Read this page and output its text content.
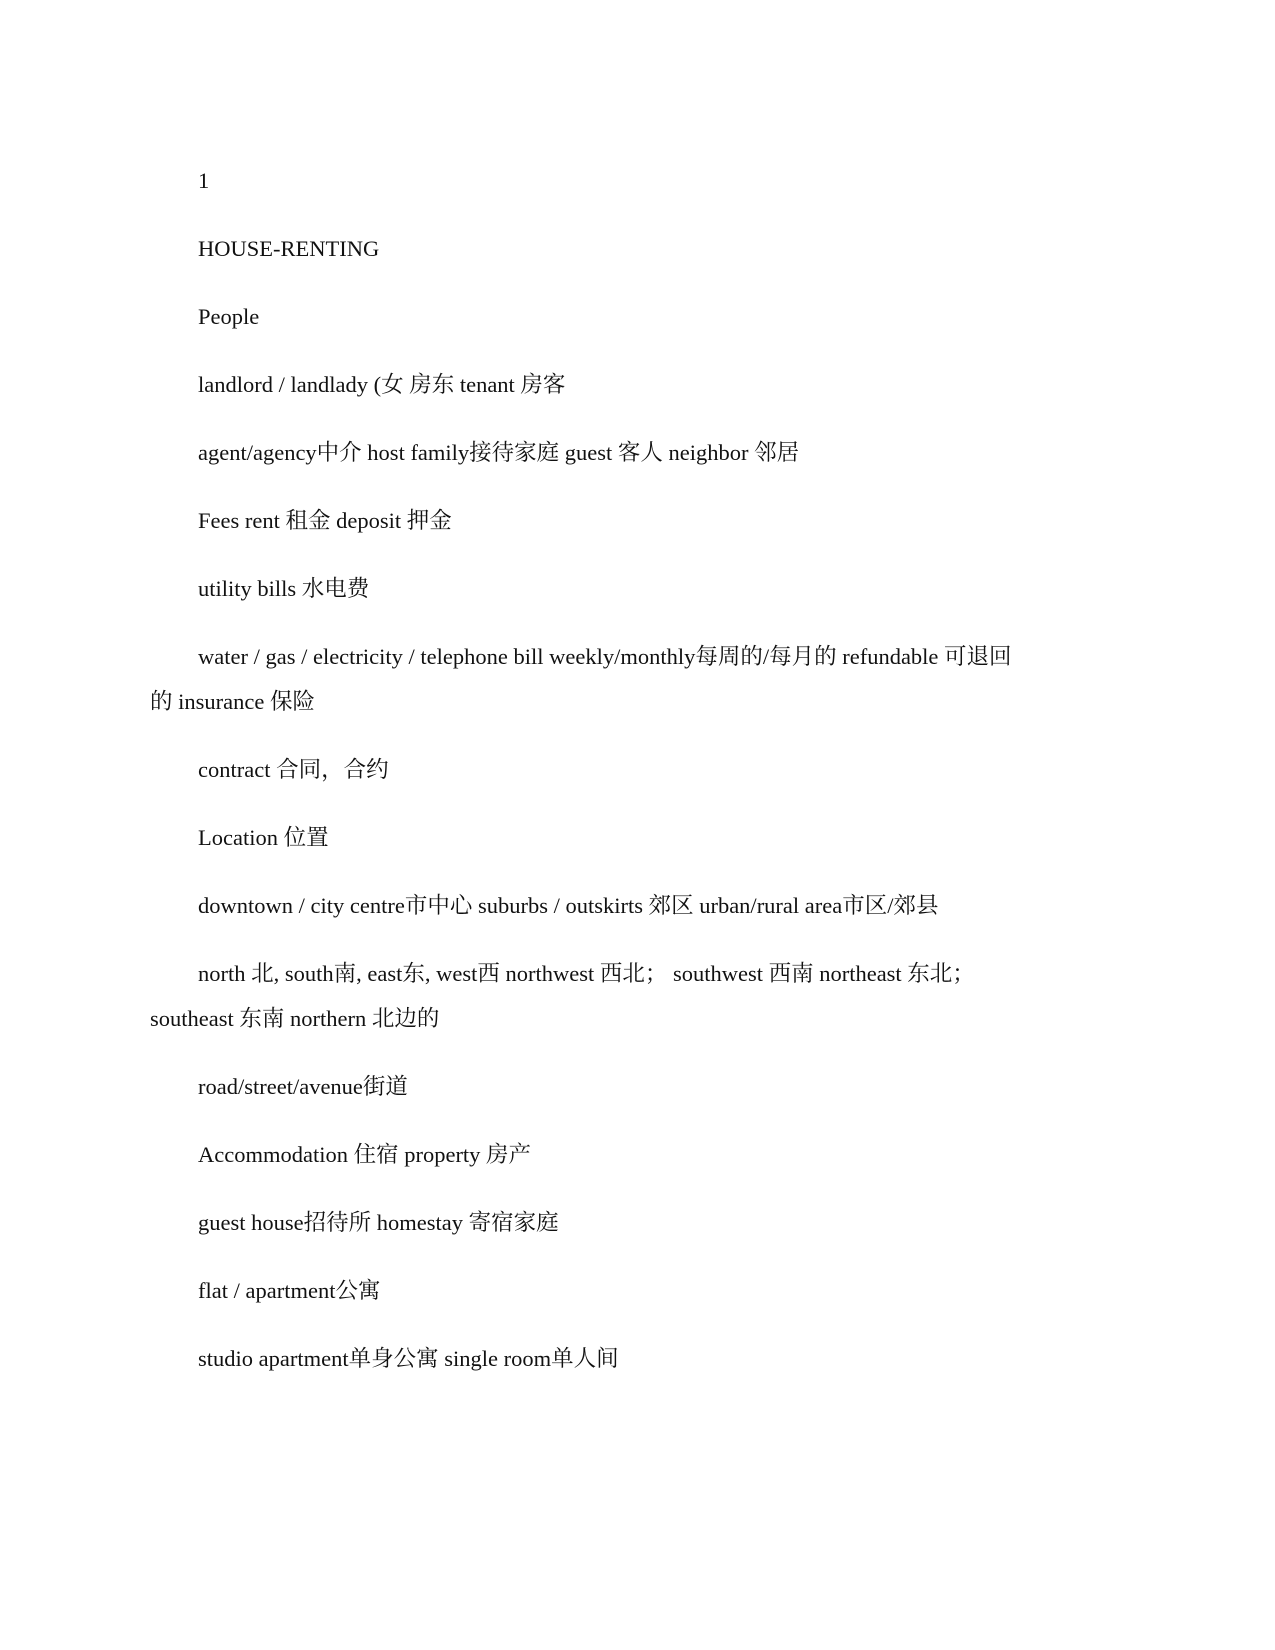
1

HOUSE-RENTING

People

landlord / landlady (女 房东 tenant 房客

agent/agency中介 host family接待家庭 guest 客人 neighbor 邻居

Fees rent 租金 deposit 押金

utility bills 水电费

water / gas / electricity / telephone bill weekly/monthly每周的/每月的 refundable 可退回的 insurance 保险

contract 合同，合约

Location 位置

downtown / city centre市中心 suburbs / outskirts 郊区 urban/rural area市区/郊县

north 北, south南, east东, west西 northwest 西北； southwest 西南 northeast 东北； southeast 东南 northern 北边的

road/street/avenue街道

Accommodation 住宿 property 房产

guest house招待所 homestay 寄宿家庭

flat / apartment公寓

studio apartment单身公寓 single room单人间
